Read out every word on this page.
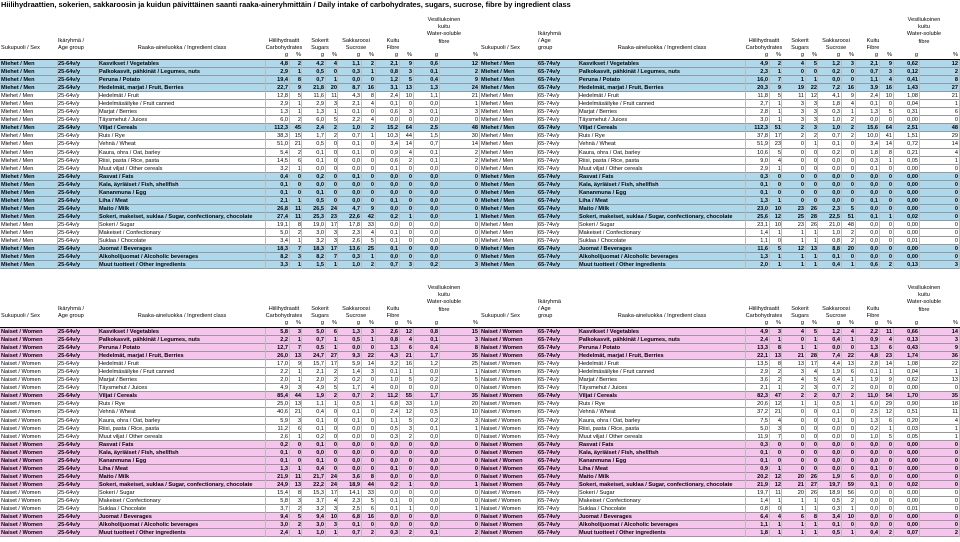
Hiilihydraattien, sokerien, sakkaroosin ja kuidun päivittäinen saanti raaka-aineryhmittäin / Daily intake of carbohydrates, sugars, sucrose, fibre by ingredient class
Sukupuoli / Sex
Ikäryhmä /
Age group	Raaka-aineluokka / Ingredient class
Hiilihydraatit
Carbohydrates
Sokerit
Sugars
Sakkaroosi
Sucrose
Kuitu
Fibre
Vesiliukoinen
kuitu
Water-soluble
fibre
g	%	g	%	g	%	g	%	g	%
Miehet / Men	25-64v/y	Kasvikset / Vegetables	4,8	2	4,2	4	1,1	2	2,1	9	0,6	12
Miehet / Men	25-64v/y	Palkokasvit, pähkinät / Legumes, nuts	2,9	1	0,5	0	0,3	1	0,8	3	0,1	2
Miehet / Men	25-64v/y	Peruna / Potato	19,4	8	0,7	1	0,0	0	1,2	5	0,4	9
Miehet / Men	25-64v/y	Hedelmät, marjat / Fruit, Berries	22,7	9	21,8	20	8,7	16	3,1	13	1,3	24
Miehet / Men	25-64v/y	Hedelmät / Fruit	12,8	5	11,6	11	4,3	8	2,4	10	1,1	21
Miehet / Men	25-64v/y	Hedelmäsäilyke / Fruit canned	2,9	1	2,9	3	2,1	4	0,1	0	0,0	1
Miehet / Men	25-64v/y	Marjat / Berries	1,3	1	1,3	1	0,1	0	0,6	3	0,1	3
Miehet / Men	25-64v/y	Täysmehut / Juices	6,0	2	6,0	5	2,2	4	0,0	0	0,0	0
Miehet / Men	25-64v/y	Viljat / Cereals	112,3	45	2,4	2	1,0	2	15,2	64	2,5	48
Miehet / Men	25-64v/y	Ruis / Rye	38,3	15	1,7	2	0,7	1	10,3	44	1,5	30
Miehet / Men	25-64v/y	Vehnä / Wheat	51,0	21	0,5	0	0,1	0	3,4	14	0,7	14
Miehet / Men	25-64v/y	Kaura, ohra / Oat, barley	5,4	2	0,1	0	0,1	0	0,9	4	0,1	2
Miehet / Men	25-64v/y	Riisi, pasta / Rice, pasta	14,5	6	0,1	0	0,0	0	0,6	2	0,1	2
Miehet / Men	25-64v/y	Muut viljat / Other cereals	3,2	1	0,0	0	0,0	0	0,1	0	0,0	0
Miehet / Men	25-64v/y	Rasvat / Fats	0,4	0	0,2	0	0,1	0	0,0	0	0,0	0
Miehet / Men	25-64v/y	Kala, äyriäiset / Fish, shellfish	0,1	0	0,0	0	0,0	0	0,0	0	0,0	0
Miehet / Men	25-64v/y	Kananmuna / Egg	0,1	0	0,1	0	0,0	0	0,0	0	0,0	0
Miehet / Men	25-64v/y	Liha / Meat	2,1	1	0,5	0	0,0	0	0,1	0	0,0	0
Miehet / Men	25-64v/y	Maito / Milk	26,8	11	26,5	24	4,7	9	0,0	0	0,0	0
Miehet / Men	25-64v/y	Sokeri, makeiset, suklaa / Sugar, confectionary, chocolate	27,4	11	25,3	23	22,6	42	0,2	1	0,0	1
Miehet / Men	25-64v/y	Sokeri / Sugar	19,1	8	19,0	17	17,8	33	0,0	0	0,0	0
Miehet / Men	25-64v/y	Makeiset / Confectionary	5,0	2	3,0	3	2,3	4	0,1	0	0,0	0
Miehet / Men	25-64v/y	Suklaa / Chocolate	3,4	1	3,2	3	2,6	5	0,1	0	0,0	0
Miehet / Men	25-64v/y	Juomat / Beverages	18,3	7	18,3	17	13,6	25	0,1	0	0,0	0
Miehet / Men	25-64v/y	Alkoholijuomat / Alcoholic beverages	8,2	3	8,2	7	0,3	1	0,0	0	0,0	0
Miehet / Men	25-64v/y	Muut tuotteet / Other ingredients	3,3	1	1,5	1	1,0	2	0,7	3	0,2	3
Sukupuoli / Sex
Ikäryhmä
/ Age
group	Raaka-aineluokka / Ingredient class
Hiilihydraatit
Carbohydrates
Sokerit
Sugars
Sakkaroosi
Sucrose
Kuitu
Fibre
Vesiliukoinen
kuitu
Water-soluble
fibre
g	%	g	%	g	%	g	%	g	%
Miehet / Men	65-74v/y	Kasvikset / Vegetables	4,9	2	4	5	1,2	3	2,1	9	0,62	12
Miehet / Men	65-74v/y	Palkokasvit, pähkinät / Legumes, nuts	2,3	1	0	0	0,2	0	0,7	3	0,12	2
Miehet / Men	65-74v/y	Peruna / Potato	16,0	7	1	1	0,0	0	1,1	4	0,41	8
Miehet / Men	65-74v/y	Hedelmät, marjat / Fruit, Berries	20,3	9	19	22	7,2	16	3,9	16	1,43	27
Miehet / Men	65-74v/y	Hedelmät / Fruit	11,8	5	11	12	4,1	9	2,4	10	1,08	21
Miehet / Men	65-74v/y	Hedelmäsäilyke / Fruit canned	2,7	1	3	3	1,8	4	0,1	0	0,04	1
Miehet / Men	65-74v/y	Marjat / Berries	2,8	1	3	3	0,3	1	1,3	5	0,31	6
Miehet / Men	65-74v/y	Täysmehut / Juices	3,0	1	3	3	1,0	2	0,0	0	0,00	0
Miehet / Men	65-74v/y	Viljat / Cereals	112,3	51	2	3	1,0	2	15,6	64	2,51	48
Miehet / Men	65-74v/y	Ruis / Rye	37,8	17	2	2	0,7	2	10,0	41	1,51	29
Miehet / Men	65-74v/y	Vehnä / Wheat	51,9	23	0	1	0,1	0	3,4	14	0,72	14
Miehet / Men	65-74v/y	Kaura, ohra / Oat, barley	10,6	5	0	0	0,2	0	1,8	8	0,21	4
Miehet / Men	65-74v/y	Riisi, pasta / Rice, pasta	9,0	4	0	0	0,0	0	0,3	1	0,05	1
Miehet / Men	65-74v/y	Muut viljat / Other cereals	2,9	1	0	0	0,0	0	0,1	0	0,00	0
Miehet / Men	65-74v/y	Rasvat / Fats	0,3	0	0	0	0,0	0	0,0	0	0,00	0
Miehet / Men	65-74v/y	Kala, äyriäiset / Fish, shellfish	0,1	0	0	0	0,0	0	0,0	0	0,00	0
Miehet / Men	65-74v/y	Kananmuna / Egg	0,1	0	0	0	0,0	0	0,0	0	0,00	0
Miehet / Men	65-74v/y	Liha / Meat	1,3	1	0	0	0,0	0	0,1	0	0,00	0
Miehet / Men	65-74v/y	Maito / Milk	23,0	10	23	26	2,3	5	0,0	0	0,00	0
Miehet / Men	65-74v/y	Sokeri, makeiset, suklaa / Sugar, confectionary, chocolate	25,6	12	25	28	22,5	51	0,1	1	0,02	0
Miehet / Men	65-74v/y	Sokeri / Sugar	23,1	10	23	26	21,0	48	0,0	0	0,00	0
Miehet / Men	65-74v/y	Makeiset / Confectionary	1,4	1	1	1	1,0	2	0,0	0	0,00	0
Miehet / Men	65-74v/y	Suklaa / Chocolate	1,1	0	1	1	0,8	2	0,0	0	0,01	0
Miehet / Men	65-74v/y	Juomat / Beverages	11,6	5	12	13	8,8	20	0,0	0	0,00	0
Miehet / Men	65-74v/y	Alkoholijuomat / Alcoholic beverages	1,3	1	1	1	0,1	0	0,0	0	0,00	0
Miehet / Men	65-74v/y	Muut tuotteet / Other ingredients	2,0	1	1	1	0,4	1	0,6	2	0,13	3
Sukupuoli / Sex
Ikäryhmä /
Age group	Raaka-aineluokka / Ingredient class
Hiilihydraatit
Carbohydrates
Sokerit
Sugars
Sakkaroosi
Sucrose
Kuitu
Fibre
Vesiliukoinen
kuitu
Water-soluble
fibre
g	%	g	%	g	%	g	%	g	%
Naiset / Women	25-64v/y	Kasvikset / Vegetables	5,8	3	5,0	6	1,3	3	2,6	12	0,8	15
Naiset / Women	25-64v/y	Palkokasvit, pähkinät / Legumes, nuts	2,2	1	0,7	1	0,5	1	0,8	4	0,1	3
Naiset / Women	25-64v/y	Peruna / Potato	12,7	7	0,5	1	0,0	0	1,3	6	0,4	8
Naiset / Women	25-64v/y	Hedelmät, marjat / Fruit, Berries	26,0	13	24,7	27	9,3	22	4,3	21	1,7	35
Naiset / Women	25-64v/y	Hedelmät / Fruit	17,0	9	15,7	17	5,9	14	3,2	16	1,2	25
Naiset / Women	25-64v/y	Hedelmäsäilyke / Fruit canned	2,2	1	2,1	2	1,4	3	0,1	1	0,0	1
Naiset / Women	25-64v/y	Marjat / Berries	2,0	1	2,0	2	0,2	0	1,0	5	0,2	5
Naiset / Women	25-64v/y	Täysmehut / Juices	4,9	3	4,9	5	1,7	4	0,0	0	0,0	0
Naiset / Women	25-64v/y	Viljat / Cereals	85,4	44	1,9	2	0,7	2	11,2	55	1,7	35
Naiset / Women	25-64v/y	Ruis / Rye	25,0	13	1,1	1	0,5	1	6,8	33	1,0	20
Naiset / Women	25-64v/y	Vehnä / Wheat	40,6	21	0,4	0	0,1	0	2,4	12	0,5	10
Naiset / Women	25-64v/y	Kaura, ohra / Oat, barley	5,9	3	0,1	0	0,1	0	1,1	5	0,2	3
Naiset / Women	25-64v/y	Riisi, pasta / Rice, pasta	11,2	6	0,1	0	0,0	0	0,5	3	0,1	1
Naiset / Women	25-64v/y	Muut viljat / Other cereals	2,6	1	0,2	0	0,0	0	0,3	2	0,0	0
Naiset / Women	25-64v/y	Rasvat / Fats	0,2	0	0,1	0	0,0	0	0,0	0	0,0	0
Naiset / Women	25-64v/y	Kala, äyriäiset / Fish, shellfish	0,1	0	0,0	0	0,0	0	0,0	0	0,0	0
Naiset / Women	25-64v/y	Kananmuna / Egg	0,1	0	0,1	0	0,0	0	0,0	0	0,0	0
Naiset / Women	25-64v/y	Liha / Meat	1,3	1	0,4	0	0,0	0	0,1	0	0,0	0
Naiset / Women	25-64v/y	Maito / Milk	21,9	11	21,7	24	3,6	8	0,0	0	0,0	0
Naiset / Women	25-64v/y	Sokeri, makeiset, suklaa / Sugar, confectionary, chocolate	24,9	13	22,2	24	18,9	44	0,2	1	0,0	1
Naiset / Women	25-64v/y	Sokeri / Sugar	15,4	8	15,3	17	14,1	33	0,0	0	0,0	0
Naiset / Women	25-64v/y	Makeiset / Confectionary	5,8	3	3,7	4	2,3	5	0,1	0	0,0	0
Naiset / Women	25-64v/y	Suklaa / Chocolate	3,7	2	3,2	3	2,5	6	0,1	1	0,0	1
Naiset / Women	25-64v/y	Juomat / Beverages	9,4	5	9,4	10	6,8	16	0,0	0	0,0	0
Naiset / Women	25-64v/y	Alkoholijuomat / Alcoholic beverages	3,0	2	3,0	3	0,1	0	0,0	0	0,0	0
Naiset / Women	25-64v/y	Muut tuotteet / Other ingredients	2,4	1	1,0	1	0,7	2	0,3	2	0,1	2
Sukupuoli / Sex
Ikäryhmä
/ Age
group	Raaka-aineluokka / Ingredient class
Hiilihydraatit
Carbohydrates
Sokerit
Sugars
Sakkaroosi
Sucrose
Kuitu
Fibre
Vesiliukoinen
kuitu
Water-soluble
fibre
g	%	g	%	g	%	g	%	g	%
Naiset / Women	65-74v/y	Kasvikset / Vegetables	4,9	3	4	5	1,2	4	2,2	11	0,66	14
Naiset / Women	65-74v/y	Palkokasvit, pähkinät / Legumes, nuts	2,4	1	0	1	0,4	1	0,9	4	0,13	3
Naiset / Women	65-74v/y	Peruna / Potato	13,3	8	1	1	0,0	0	1,3	6	0,43	9
Naiset / Women	65-74v/y	Hedelmät, marjat / Fruit, Berries	22,1	13	21	28	7,4	22	4,8	23	1,74	36
Naiset / Women	65-74v/y	Hedelmät / Fruit	13,5	8	13	17	4,4	13	2,8	14	1,08	22
Naiset / Women	65-74v/y	Hedelmäsäilyke / Fruit canned	2,9	2	3	4	1,9	6	0,1	1	0,04	1
Naiset / Women	65-74v/y	Marjat / Berries	3,6	2	4	5	0,4	1	1,9	9	0,62	13
Naiset / Women	65-74v/y	Täysmehut / Juices	2,1	1	2	3	0,7	2	0,0	0	0,00	0
Naiset / Women	65-74v/y	Viljat / Cereals	82,3	47	2	2	0,7	2	11,0	54	1,70	35
Naiset / Women	65-74v/y	Ruis / Rye	20,6	12	1	1	0,5	1	6,0	29	0,90	18
Naiset / Women	65-74v/y	Vehnä / Wheat	37,2	21	0	0	0,1	0	2,5	12	0,51	11
Naiset / Women	65-74v/y	Kaura, ohra / Oat, barley	7,5	4	0	0	0,1	0	1,3	6	0,20	4
Naiset / Women	65-74v/y	Riisi, pasta / Rice, pasta	5,0	3	0	0	0,0	0	0,2	1	0,03	1
Naiset / Women	65-74v/y	Muut viljat / Other cereals	11,9	7	0	0	0,0	0	1,0	5	0,05	1
Naiset / Women	65-74v/y	Rasvat / Fats	0,3	0	0	0	0,0	0	0,0	0	0,00	0
Naiset / Women	65-74v/y	Kala, äyriäiset / Fish, shellfish	0,1	0	0	0	0,0	0	0,0	0	0,00	0
Naiset / Women	65-74v/y	Kananmuna / Egg	0,1	0	0	0	0,0	0	0,0	0	0,00	0
Naiset / Women	65-74v/y	Liha / Meat	0,9	1	0	0	0,0	0	0,1	0	0,00	0
Naiset / Women	65-74v/y	Maito / Milk	20,2	12	20	26	1,9	6	0,0	0	0,00	0
Naiset / Women	65-74v/y	Sokeri, makeiset, suklaa / Sugar, confectionary, chocolate	21,9	12	21	27	19,7	59	0,1	0	0,02	0
Naiset / Women	65-74v/y	Sokeri / Sugar	19,7	11	20	26	18,9	56	0,0	0	0,00	0
Naiset / Women	65-74v/y	Makeiset / Confectionary	1,4	1	1	1	0,5	2	0,0	0	0,00	0
Naiset / Women	65-74v/y	Suklaa / Chocolate	0,8	0	1	1	0,3	1	0,0	0	0,01	0
Naiset / Women	65-74v/y	Juomat / Beverages	6,4	4	6	8	3,4	10	0,0	0	0,00	0
Naiset / Women	65-74v/y	Alkoholijuomat / Alcoholic beverages	1,1	1	1	1	0,1	0	0,0	0	0,00	0
Naiset / Women	65-74v/y	Muut tuotteet / Other ingredients	1,8	1	1	1	0,5	1	0,4	2	0,07	2
